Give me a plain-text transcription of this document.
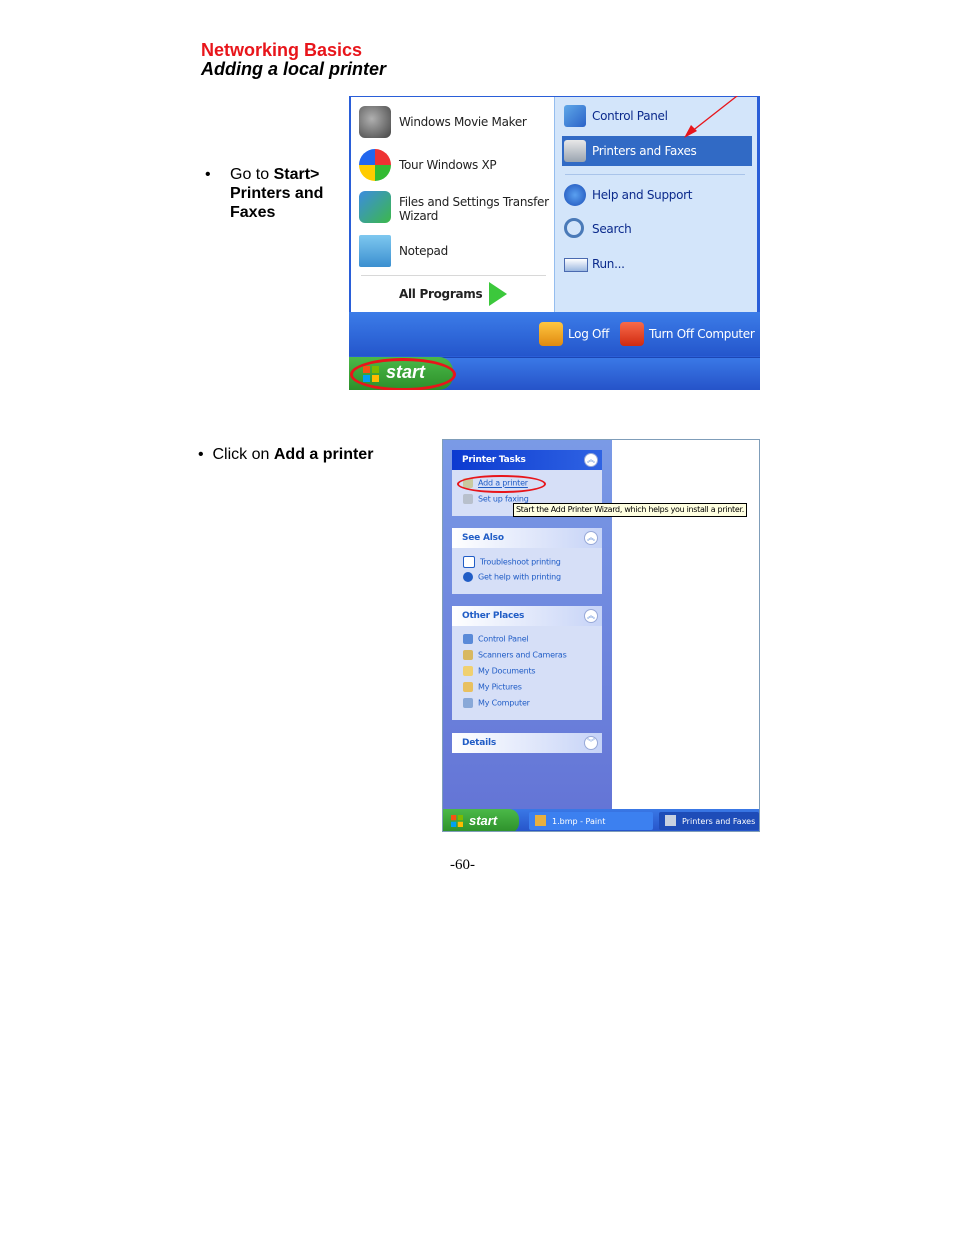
Networking Basics
Adding a local printer
• Go to Start> Printers and Faxes
Windows Movie Maker
Tour Windows XP
Files and Settings Transfer Wizard
Notepad
All Programs
Control Panel
Printers and Faxes
Help and Support
Search
Run...
Log Off	Turn Off Computer
start
• Click on Add a printer	Printer Tasks	︽
Add a printer
Set up faxing
See Also	︽
Troubleshoot printing
Get help with printing
Other Places	︽
Control Panel
Scanners and Cameras
My Documents
My Pictures
My Computer
Details	︾
Start the Add Printer Wizard, which helps you install a printer.
start	1.bmp - Paint	Printers and Faxes
-60-
